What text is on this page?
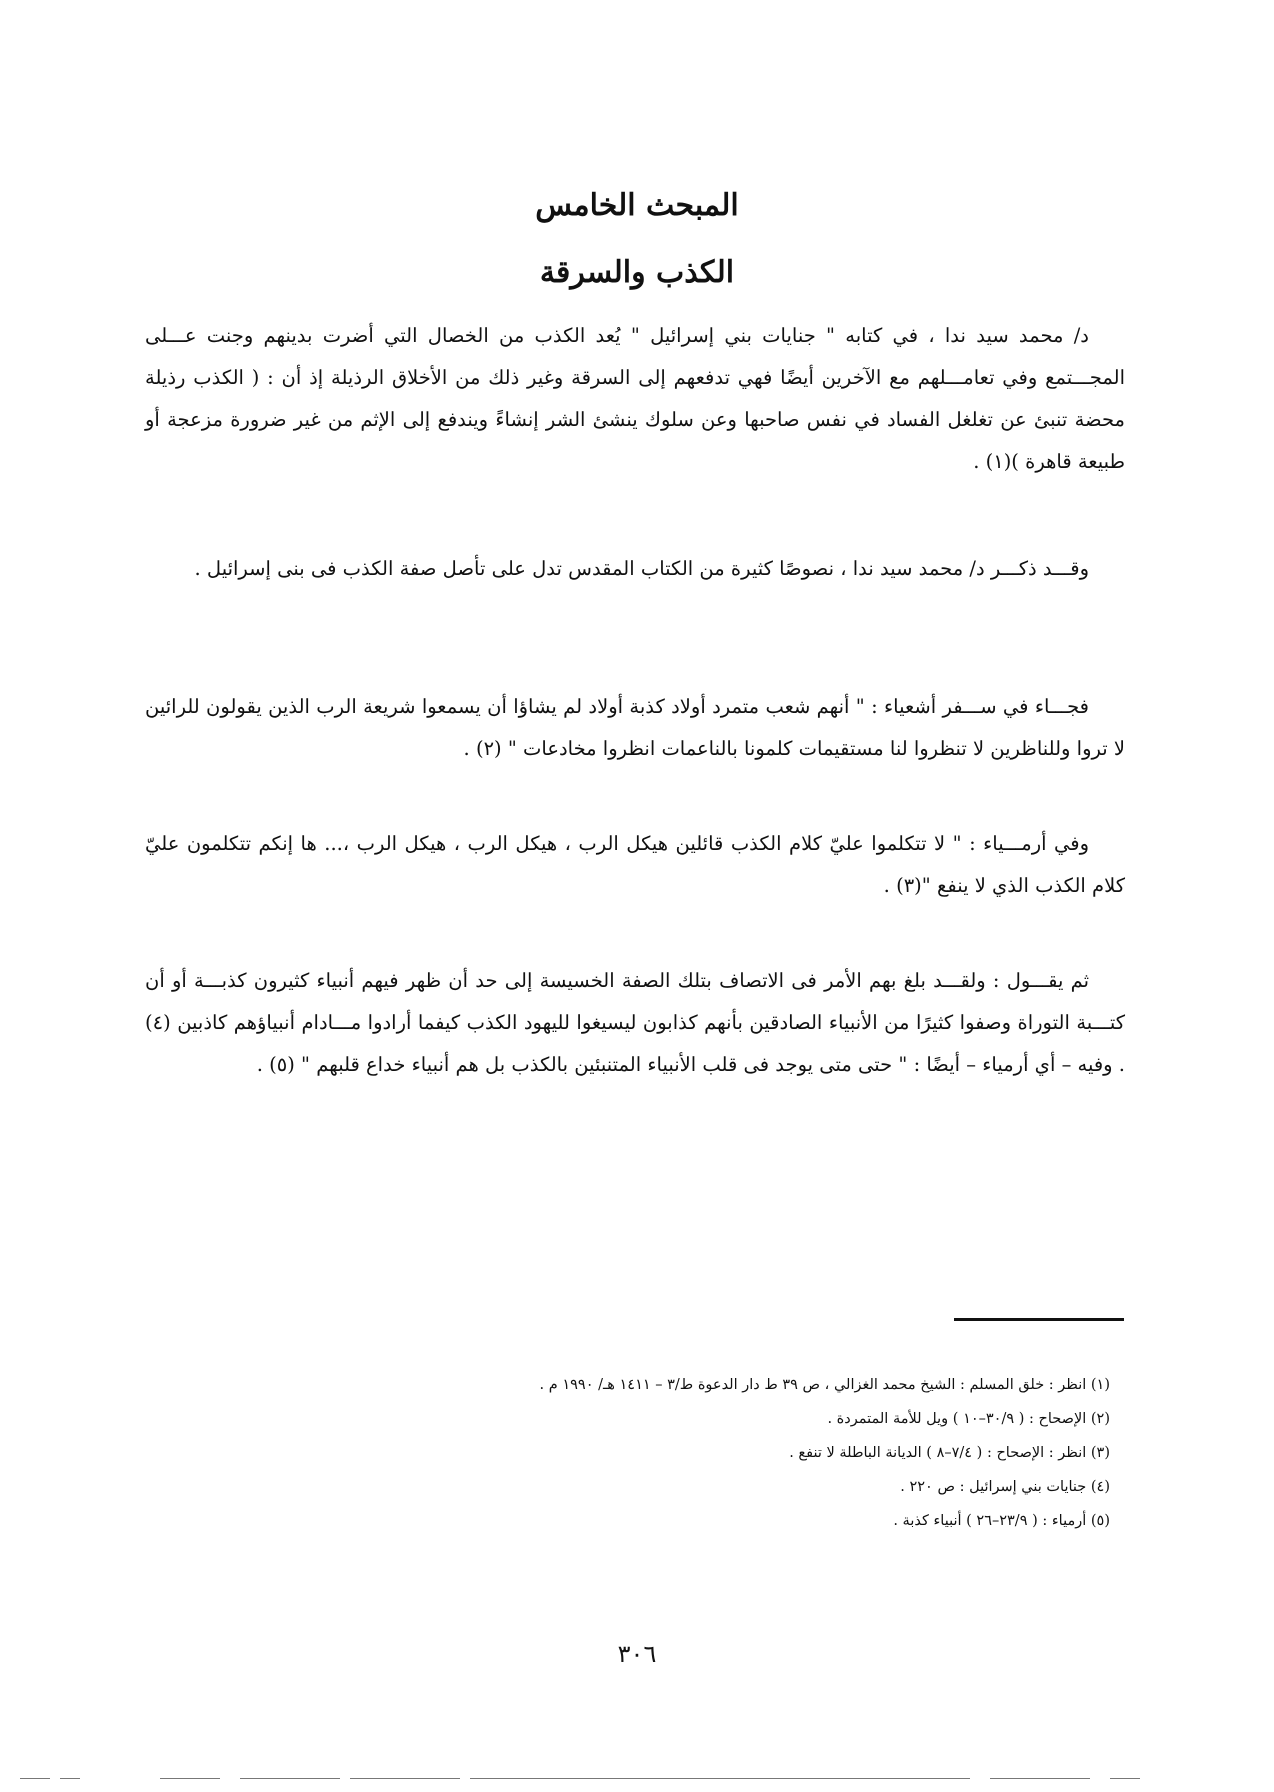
المبحث الخامس
الكذب والسرقة

د/ محمد سيد ندا ، في كتابه " جنايات بني إسرائيل " يُعد الكذب من الخصال التي أضرت بدينهم وجنت عـــلى المجـــتمع وفي تعامـــلهم مع الآخرين أيضًا فهي تدفعهم إلى السرقة وغير ذلك من الأخلاق الرذيلة إذ أن : ( الكذب رذيلة محضة تنبئ عن تغلغل الفساد في نفس صاحبها وعن سلوك ينشئ الشر إنشاءً ويندفع إلى الإثم من غير ضرورة مزعجة أو طبيعة قاهرة )(١) .

وقـــد ذكـــر د/ محمد سيد ندا ، نصوصًا كثيرة من الكتاب المقدس تدل على تأصل صفة الكذب فى بنى إسرائيل .

فجـــاء في ســـفر أشعياء : " أنهم شعب متمرد أولاد كذبة أولاد لم يشاؤا أن يسمعوا شريعة الرب الذين يقولون للرائين لا تروا وللناظرين لا تنظروا لنا مستقيمات كلمونا بالناعمات انظروا مخادعات " (٢) .

وفي أرمـــياء : " لا تتكلموا عليّ كلام الكذب قائلين هيكل الرب ، هيكل الرب ، هيكل الرب ،... ها إنكم تتكلمون عليّ كلام الكذب الذي لا ينفع "(٣) .

ثم يقـــول : ولقـــد بلغ بهم الأمر فى الاتصاف بتلك الصفة الخسيسة إلى حد أن ظهر فيهم أنبياء كثيرون كذبـــة أو أن كتـــبة التوراة وصفوا كثيرًا من الأنبياء الصادقين بأنهم كذابون ليسيغوا لليهود الكذب كيفما أرادوا مـــادام أنبياؤهم كاذبين (٤) . وفيه – أي أرمياء – أيضًا : " حتى متى يوجد فى قلب الأنبياء المتنبئين بالكذب بل هم أنبياء خداع قلبهم " (٥) .

(١) انظر : خلق المسلم : الشيخ محمد الغزالي ، ص ٣٩ ط دار الدعوة ط/٣ – ١٤١١ هـ/ ١٩٩٠ م .
(٢) الإصحاح : ( ٣٠/٩–١٠ ) ويل للأمة المتمردة .
(٣) انظر : الإصحاح : ( ٧/٤–٨ ) الديانة الباطلة لا تنفع .
(٤) جنايات بني إسرائيل : ص ٢٢٠ .
(٥) أرمياء : ( ٢٣/٩–٢٦ ) أنبياء كذبة .
٣٠٦
